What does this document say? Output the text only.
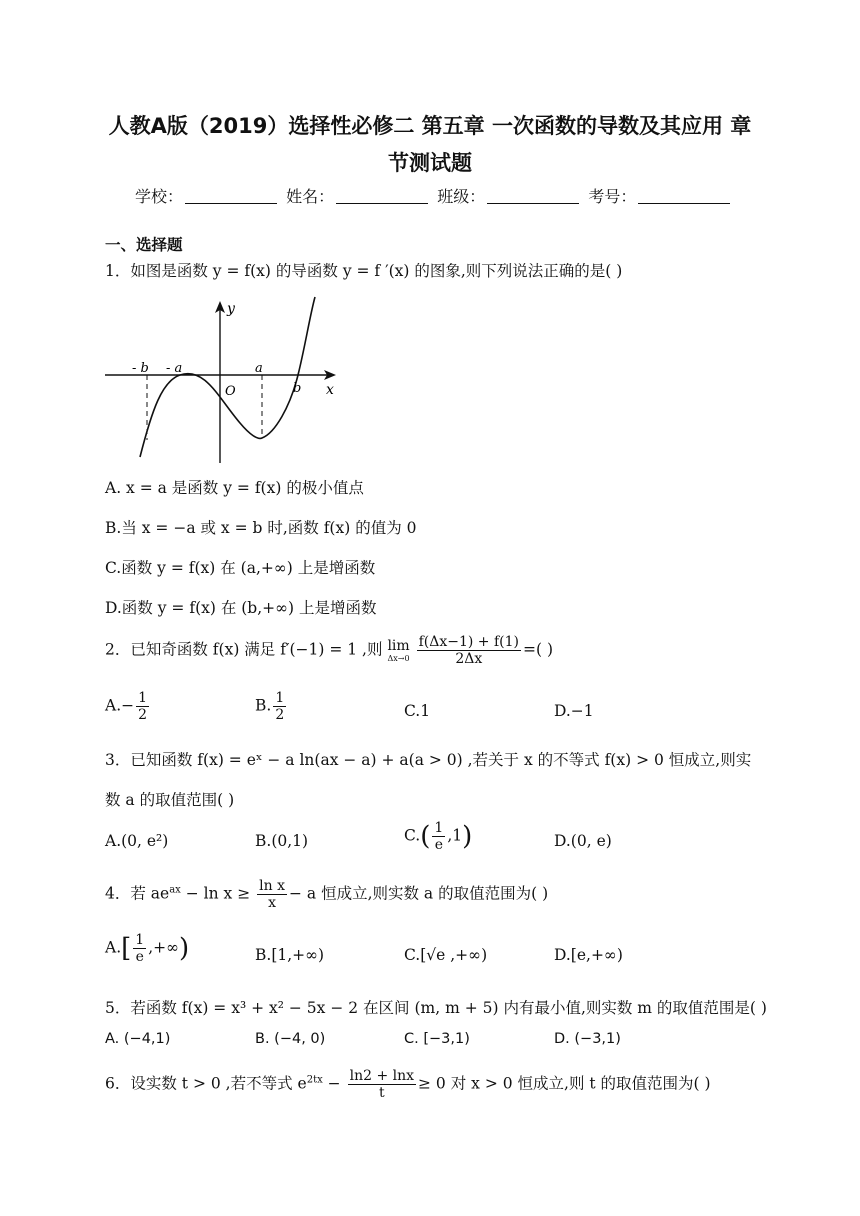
人教A版（2019）选择性必修二 第五章 一次函数的导数及其应用 章
节测试题
学校：	姓名：	班级：	考号：
一、选择题
1．如图是函数 y = f(x) 的导函数 y = f ′(x) 的图象,则下列说法正确的是( )
x
y
O
- b - a	a
b
A. x = a 是函数 y = f(x) 的极小值点
B.当 x = −a 或 x = b 时,函数 f(x) 的值为 0
C.函数 y = f(x) 在 (a,+∞) 上是增函数
D.函数 y = f(x) 在 (b,+∞) 上是增函数
2．已知奇函数 f(x) 满足 f′(−1) = 1 ,则 lim
Δx→0
$\frac{f(\Delta x-1) + f(1)}{2\Delta x}$ =( )
$A.- \frac{1}{2}$	B. $\frac{1}{2}$	C.1	D.−1
3．已知函数 f(x) = eˣ − a ln(ax − a) + a(a > 0) ,若关于 x 的不等式 f(x) > 0 恒成立,则实
数 a 的取值范围( )
A.(0, e²)	B.(0,1)	$C.( \frac{1}{e} ,1)$	D.(0, e)
4．若 $ae^{ax} - \ln x \ge \frac{\text{ln x}}{x} - a$ 恒成立,则实数 a 的取值范围为( )
$A.[ \frac{1}{e}$ ,+∞)	B.[1,+∞)	C.[√e ,+∞)	D.[e,+∞)
5．若函数 f(x) = x³ + x² − 5x − 2 在区间 (m, m + 5) 内有最小值,则实数 m 的取值范围是( )
A. (−4,1)	B. (−4, 0)	C. [−3,1)	D. (−3,1)
6．设实数 t > 0 ,若不等式 $e^{2tx} - \frac{\ln 2 + \ln x}{t} \ge 0$ 对 x > 0 恒成立,则 t 的取值范围为( )
